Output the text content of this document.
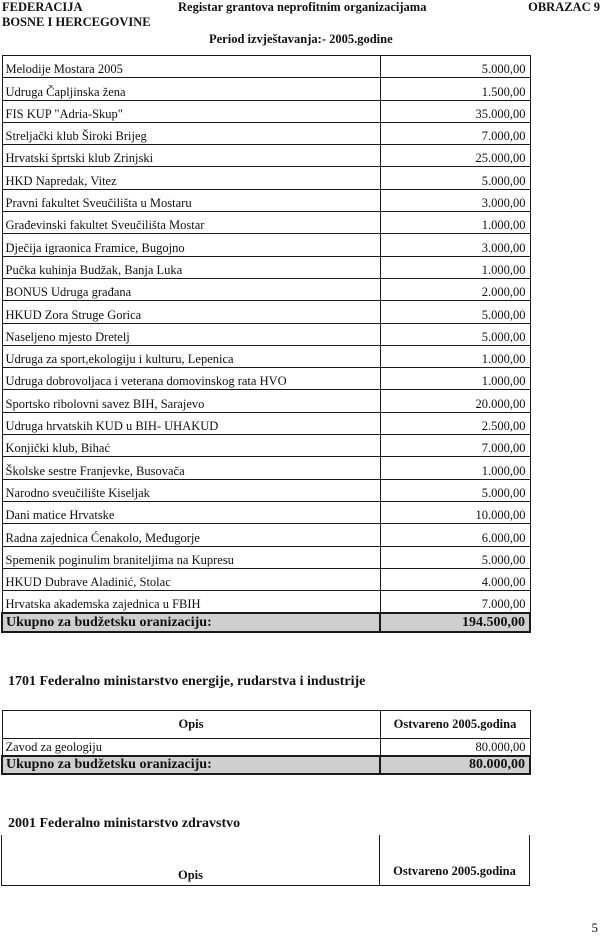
FEDERACIJA
BOSNE I HERCEGOVINE
Registar grantova neprofitnim organizacijama	OBRAZAC 9
Period izvještavanja:- 2005.godine
Melodije Mostara 2005	5.000,00
Udruga Čapljinska žena	1.500,00
FIS KUP "Adria-Skup"	35.000,00
Streljački klub Široki Brijeg	7.000,00
Hrvatski šprtski klub Zrinjski	25.000,00
HKD Napredak, Vitez	5.000,00
Pravni fakultet Sveučilišta u Mostaru	3.000,00
Građevinski fakultet Sveučilišta Mostar	1.000,00
Dječija igraonica Framice, Bugojno	3.000,00
Pučka kuhinja Budžak, Banja Luka	1.000,00
BONUS Udruga građana	2.000,00
HKUD Zora Struge Gorica	5.000,00
Naseljeno mjesto Dretelj	5.000,00
Udruga za sport,ekologiju i kulturu, Lepenica	1.000,00
Udruga dobrovoljaca i veterana domovinskog rata HVO	1.000,00
Sportsko ribolovni savez BIH, Sarajevo	20.000,00
Udruga hrvatskih KUD u BIH- UHAKUD	2.500,00
Konjički klub, Bihać	7.000,00
Školske sestre Franjevke, Busovača	1.000,00
Narodno sveučilište Kiseljak	5.000,00
Dani matice Hrvatske	10.000,00
Radna zajednica Ćenakolo, Međugorje	6.000,00
Spemenik poginulim braniteljima na Kupresu	5.000,00
HKUD Dubrave Aladinić, Stolac	4.000,00
Hrvatska akademska zajednica u FBIH	7.000,00
Ukupno za budžetsku oranizaciju:	194.500,00
1701 Federalno ministarstvo energije, rudarstva i industrije
Opis	Ostvareno 2005.godina
Zavod za geologiju	80.000,00
Ukupno za budžetsku oranizaciju:	80.000,00
2001 Federalno ministarstvo zdravstvo
Opis	Ostvareno 2005.godina
5
